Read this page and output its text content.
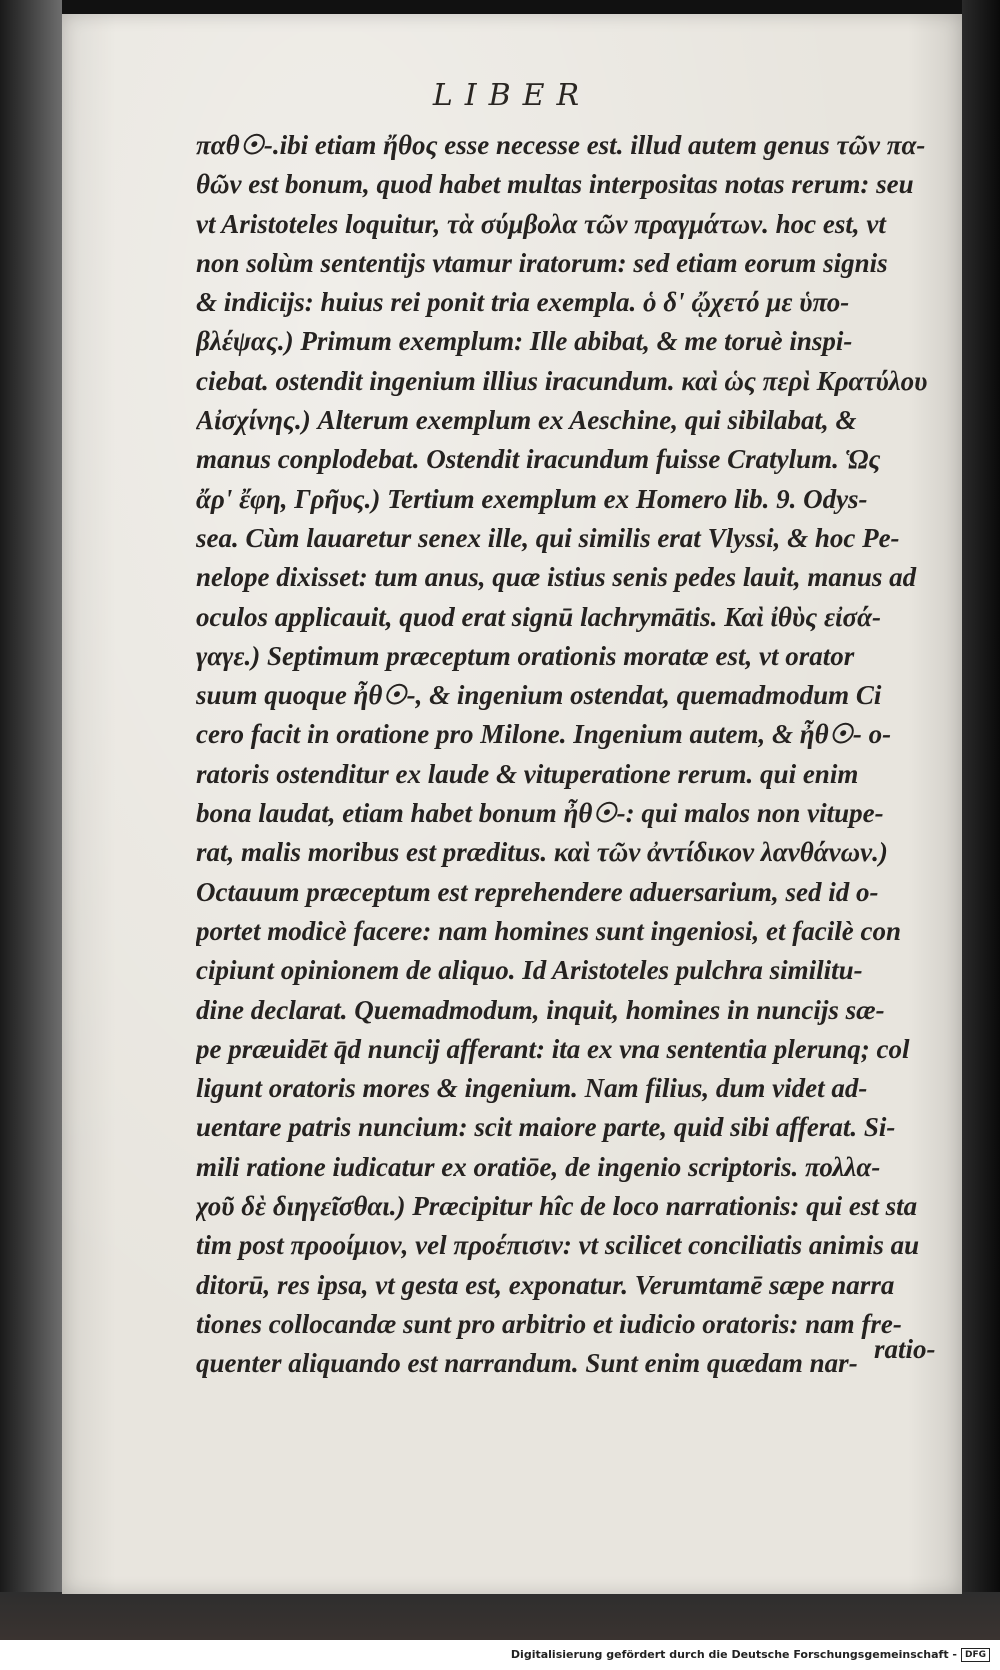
LIBER
παθ☉-.ibi etiam ἤθος esse necesse est. illud autem genus τῶν πα-
θῶν est bonum, quod habet multas interpositas notas rerum: seu
vt Aristoteles loquitur, τὰ σύμβολα τῶν πραγμάτων. hoc est, vt
non solùm sententijs vtamur iratorum: sed etiam eorum signis
& indicijs: huius rei ponit tria exempla. ὁ δ' ᾤχετό με ὑπο-
βλέψας.) Primum exemplum: Ille abibat, & me toruè inspi-
ciebat. ostendit ingenium illius iracundum. καὶ ὡς περὶ Κρατύλου
Αἰσχίνης.) Alterum exemplum ex Aeschine, qui sibilabat, &
manus conplodebat. Ostendit iracundum fuisse Cratylum. Ὡς
ἄρ' ἔφη, Γρῆυς.) Tertium exemplum ex Homero lib. 9. Odys-
sea. Cùm lauaretur senex ille, qui similis erat Vlyssi, & hoc Pe-
nelope dixisset: tum anus, quæ istius senis pedes lauit, manus ad
oculos applicauit, quod erat signū lachrymātis. Καὶ ἰθὺς εἰσά-
γαγε.) Septimum præceptum orationis moratæ est, vt orator
suum quoque ἦθ☉-, & ingenium ostendat, quemadmodum Ci
cero facit in oratione pro Milone. Ingenium autem, & ἦθ☉- o-
ratoris ostenditur ex laude & vituperatione rerum. qui enim
bona laudat, etiam habet bonum ἦθ☉-: qui malos non vitupe-
rat, malis moribus est præditus. καὶ τῶν ἀντίδικον λανθάνων.)
Octauum præceptum est reprehendere aduersarium, sed id o-
portet modicè facere: nam homines sunt ingeniosi, et facilè con
cipiunt opinionem de aliquo. Id Aristoteles pulchra similitu-
dine declarat. Quemadmodum, inquit, homines in nuncijs sæ-
pe præuidēt q̄d nuncij afferant: ita ex vna sententia plerunq; col
ligunt oratoris mores & ingenium. Nam filius, dum videt ad-
uentare patris nuncium: scit maiore parte, quid sibi afferat. Si-
mili ratione iudicatur ex oratiōe, de ingenio scriptoris. πολλα-
χοῦ δὲ διηγεῖσθαι.) Præcipitur hîc de loco narrationis: qui est sta
tim post προοίμιον, vel προέπισιν: vt scilicet conciliatis animis au
ditorū, res ipsa, vt gesta est, exponatur. Verumtamē sæpe narra
tiones collocandæ sunt pro arbitrio et iudicio oratoris: nam fre-
quenter aliquando est narrandum. Sunt enim quædam nar- ratio-
Digitalisierung gefördert durch die Deutsche Forschungsgemeinschaft - DFG
